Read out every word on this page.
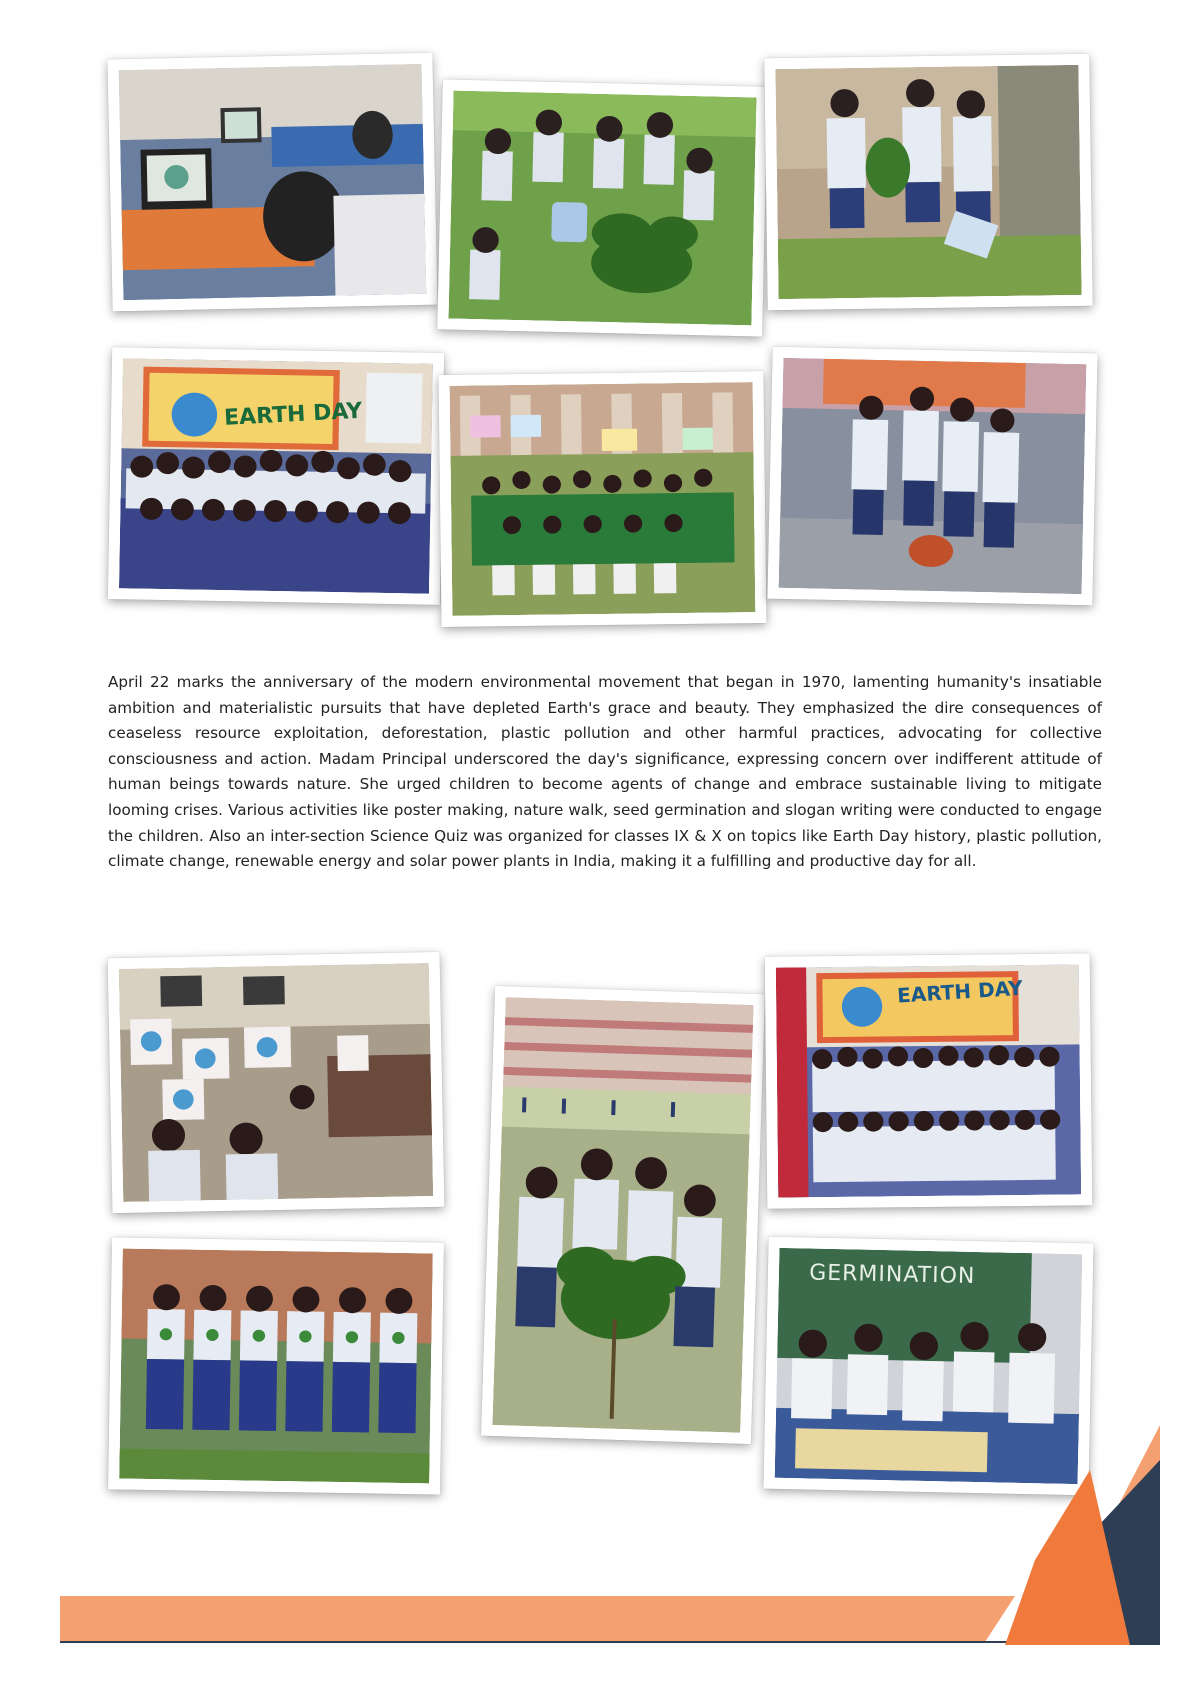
EARTH DAY

April 22 marks the anniversary of the modern environmental movement that began in 1970, lamenting humanity's insatiable ambition and materialistic pursuits that have depleted Earth's grace and beauty. They emphasized the dire consequences of ceaseless resource exploitation, deforestation, plastic pollution and other harmful practices, advocating for collective consciousness and action. Madam Principal underscored the day's significance, expressing concern over indifferent attitude of human beings towards nature. She urged children to become agents of change and embrace sustainable living to mitigate looming crises. Various activities like poster making, nature walk, seed germination and slogan writing were conducted to engage the children. Also an inter-section Science Quiz was organized for classes IX & X on topics like Earth Day history, plastic pollution, climate change, renewable energy and solar power plants in India, making it a fulfilling and productive day for all.

EARTH DAY
GERMINATION
